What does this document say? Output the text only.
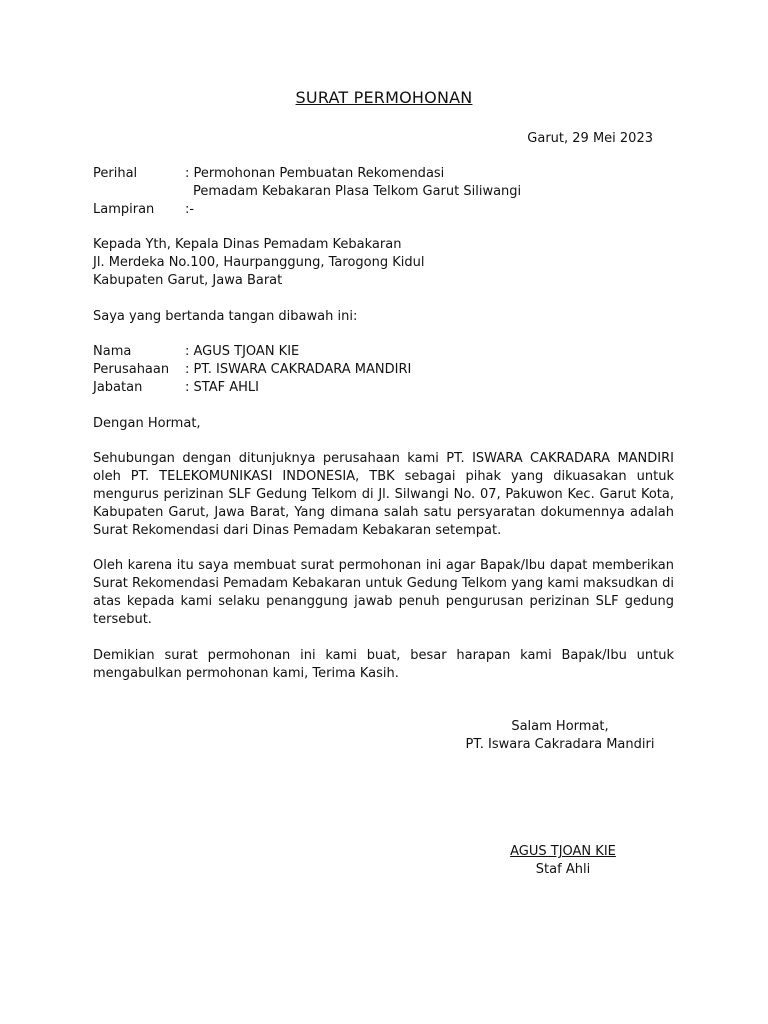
SURAT PERMOHONAN
Garut, 29 Mei 2023
Perihal	: Permohonan Pembuatan Rekomendasi
Pemadam Kebakaran Plasa Telkom Garut Siliwangi
Lampiran :-
Kepada Yth, Kepala Dinas Pemadam Kebakaran
Jl. Merdeka No.100, Haurpanggung, Tarogong Kidul
Kabupaten Garut, Jawa Barat
Saya yang bertanda tangan dibawah ini:
Nama	: AGUS TJOAN KIE
Perusahaan : PT. ISWARA CAKRADARA MANDIRI
Jabatan	: STAF AHLI
Dengan Hormat,
Sehubungan dengan ditunjuknya perusahaan kami PT. ISWARA CAKRADARA MANDIRI oleh PT. TELEKOMUNIKASI INDONESIA, TBK sebagai pihak yang dikuasakan untuk mengurus perizinan SLF Gedung Telkom di Jl. Silwangi No. 07, Pakuwon Kec. Garut Kota, Kabupaten Garut, Jawa Barat, Yang dimana salah satu persyaratan dokumennya adalah Surat Rekomendasi dari Dinas Pemadam Kebakaran setempat.
Oleh karena itu saya membuat surat permohonan ini agar Bapak/Ibu dapat memberikan Surat Rekomendasi Pemadam Kebakaran untuk Gedung Telkom yang kami maksudkan di atas kepada kami selaku penanggung jawab penuh pengurusan perizinan SLF gedung tersebut.
Demikian surat permohonan ini kami buat, besar harapan kami Bapak/Ibu untuk mengabulkan permohonan kami, Terima Kasih.
Salam Hormat,
PT. Iswara Cakradara Mandiri
AGUS TJOAN KIE
Staf Ahli
